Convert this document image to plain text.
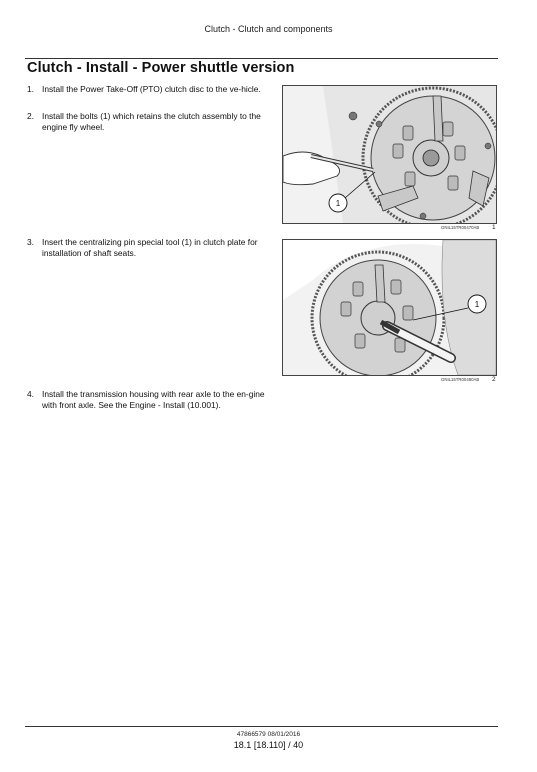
Clutch - Clutch and components
Clutch - Install - Power shuttle version
1. Install the Power Take-Off (PTO) clutch disc to the ve-hicle.
2. Install the bolts (1) which retains the clutch assembly to the engine fly wheel.
3. Insert the centralizing pin special tool (1) in clutch plate for installation of shaft seats.
4. Install the transmission housing with rear axle to the en-gine with front axle. See the Engine - Install (10.001).
1
GNIL15TR00470AB 1
1
GNIL15TR00480AB 2
47866579 08/01/2016
18.1 [18.110] / 40
